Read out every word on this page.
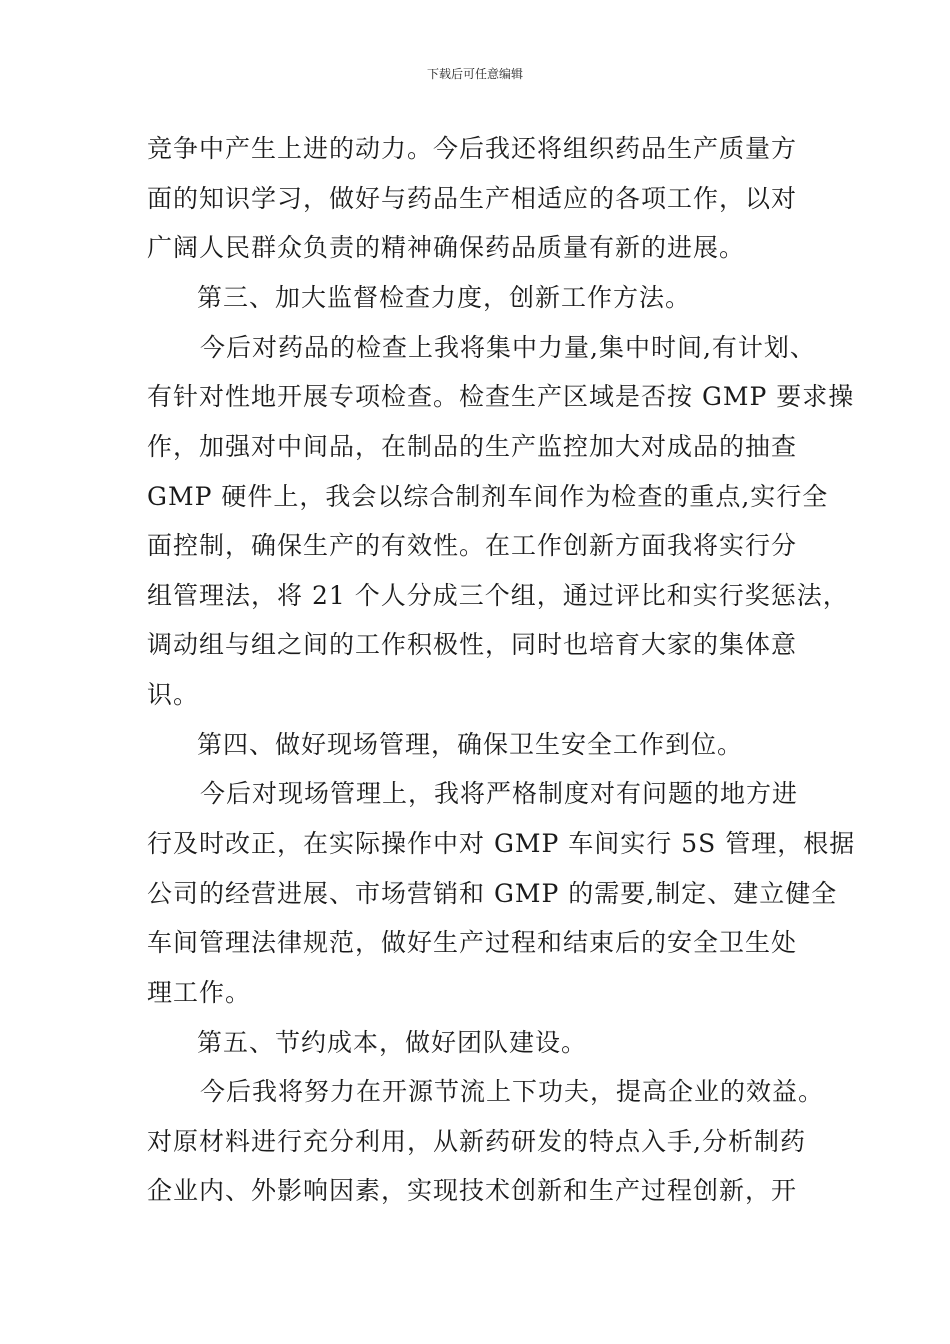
下载后可任意编辑
竞争中产生上进的动力。今后我还将组织药品生产质量方
面的知识学习，做好与药品生产相适应的各项工作，以对
广阔人民群众负责的精神确保药品质量有新的进展。
第三、加大监督检查力度，创新工作方法。
今后对药品的检查上我将集中力量,集中时间,有计划、
有针对性地开展专项检查。检查生产区域是否按 GMP 要求操
作，加强对中间品，在制品的生产监控加大对成品的抽查
GMP 硬件上，我会以综合制剂车间作为检查的重点,实行全
面控制，确保生产的有效性。在工作创新方面我将实行分
组管理法，将 21 个人分成三个组，通过评比和实行奖惩法，
调动组与组之间的工作积极性，同时也培育大家的集体意
识。
第四、做好现场管理，确保卫生安全工作到位。
今后对现场管理上，我将严格制度对有问题的地方进
行及时改正，在实际操作中对 GMP 车间实行 5S 管理，根据
公司的经营进展、市场营销和 GMP 的需要,制定、建立健全
车间管理法律规范，做好生产过程和结束后的安全卫生处
理工作。
第五、节约成本，做好团队建设。
今后我将努力在开源节流上下功夫，提高企业的效益。
对原材料进行充分利用，从新药研发的特点入手,分析制药
企业内、外影响因素，实现技术创新和生产过程创新，开
